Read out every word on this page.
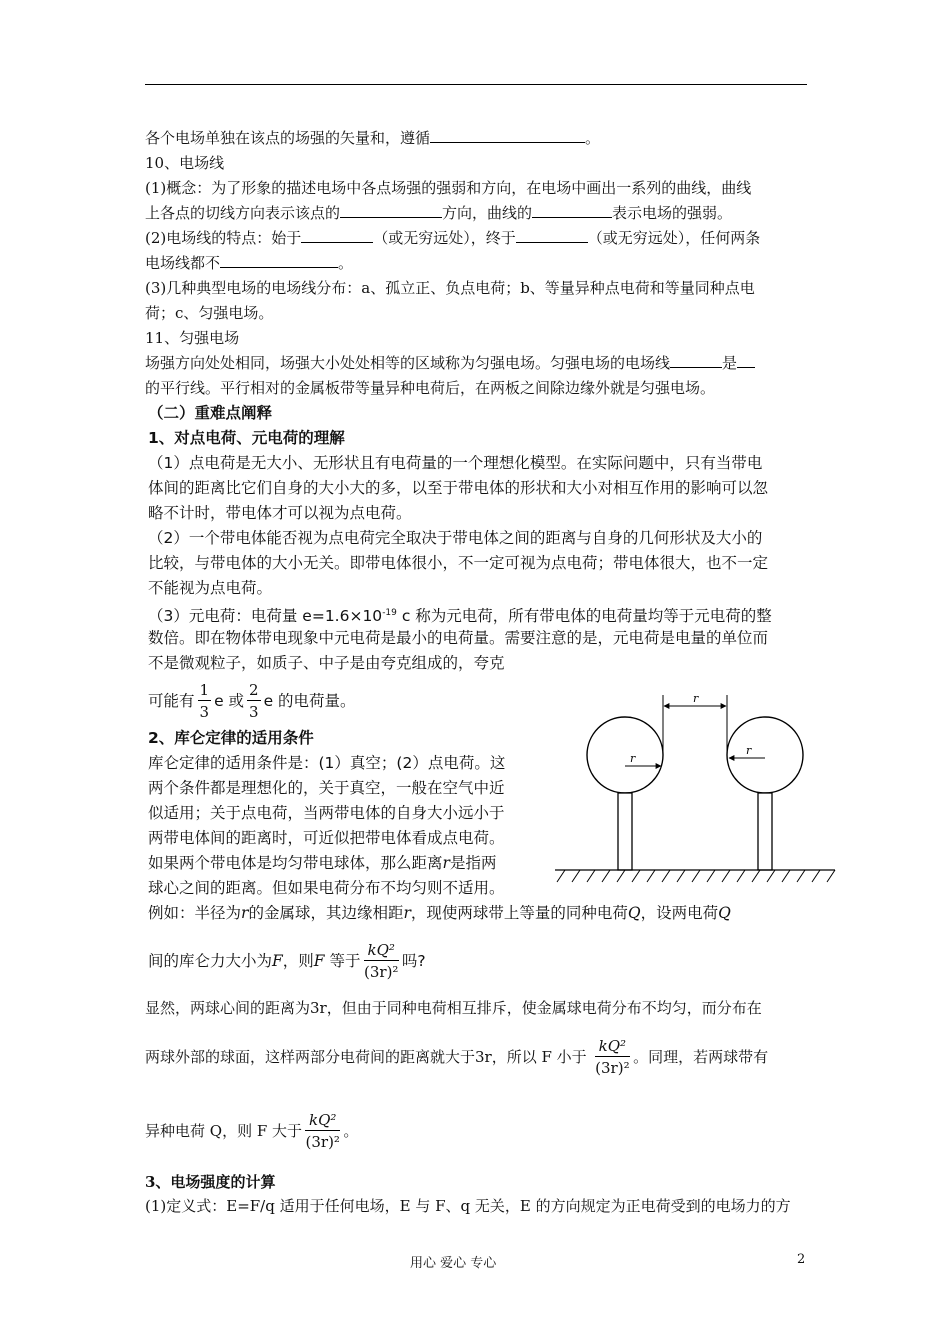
各个电场单独在该点的场强的矢量和，遵循	。
10、电场线
(1)概念：为了形象的描述电场中各点场强的强弱和方向，在电场中画出一系列的曲线，曲线
上各点的切线方向表示该点的	方向，曲线的	表示电场的强弱。
(2)电场线的特点：始于	（或无穷远处），终于	（或无穷远处），任何两条
电场线都不	。
(3)几种典型电场的电场线分布：a、孤立正、负点电荷；b、等量异种点电荷和等量同种点电
荷；c、匀强电场。
11、匀强电场
场强方向处处相同，场强大小处处相等的区域称为匀强电场。匀强电场的电场线	是
的平行线。平行相对的金属板带等量异种电荷后，在两板之间除边缘外就是匀强电场。
（二）重难点阐释
1、对点电荷、元电荷的理解
（1）点电荷是无大小、无形状且有电荷量的一个理想化模型。在实际问题中，只有当带电
体间的距离比它们自身的大小大的多，以至于带电体的形状和大小对相互作用的影响可以忽
略不计时，带电体才可以视为点电荷。
（2）一个带电体能否视为点电荷完全取决于带电体之间的距离与自身的几何形状及大小的
比较，与带电体的大小无关。即带电体很小，不一定可视为点电荷；带电体很大，也不一定
不能视为点电荷。
（3）元电荷：电荷量 $e=1.6\times 10^{-19}$ c 称为元电荷，所有带电体的电荷量均等于元电荷的整
数倍。即在物体带电现象中元电荷是最小的电荷量。需要注意的是，元电荷是电量的单位而
不是微观粒子，如质子、中子是由夸克组成的，夸克
可能有 $\frac{1}{3}$ e 或 $\frac{2}{3}$ e 的电荷量。
2、库仑定律的适用条件
库仑定律的适用条件是：(1）真空；(2）点电荷。这
两个条件都是理想化的，关于真空，一般在空气中近
似适用；关于点电荷，当两带电体的自身大小远小于
两带电体间的距离时，可近似把带电体看成点电荷。
如果两个带电体是均匀带电球体，那么距离r是指两
球心之间的距离。但如果电荷分布不均匀则不适用。
例如：半径为r的金属球，其边缘相距r，现使两球带上等量的同种电荷Q，设两电荷Q
间的库仑力大小为 F ，则 F
等于 $\frac{\text{kQ²}}{\text{(3r)²}}$ 吗?
显然，两球心间的距离为3r，但由于同种电荷相互排斥，使金属球电荷分布不均匀，而分布在
两球外部的球面，这样两部分电荷间的距离就大于3r，所以 F 小于 $\frac{\text{kQ²}}{\text{(3r)²}}$ 。同理，若两球带有
异种电荷 Q，则 F 大于 $\frac{\text{kQ²}}{\text{(3r)²}}$ 。
3、电场强度的计算
(1)定义式：E=F/q 适用于任何电场，E 与 F、q 无关，E 的方向规定为正电荷受到的电场力的方
r
r
r
用心 爱心 专心	2
